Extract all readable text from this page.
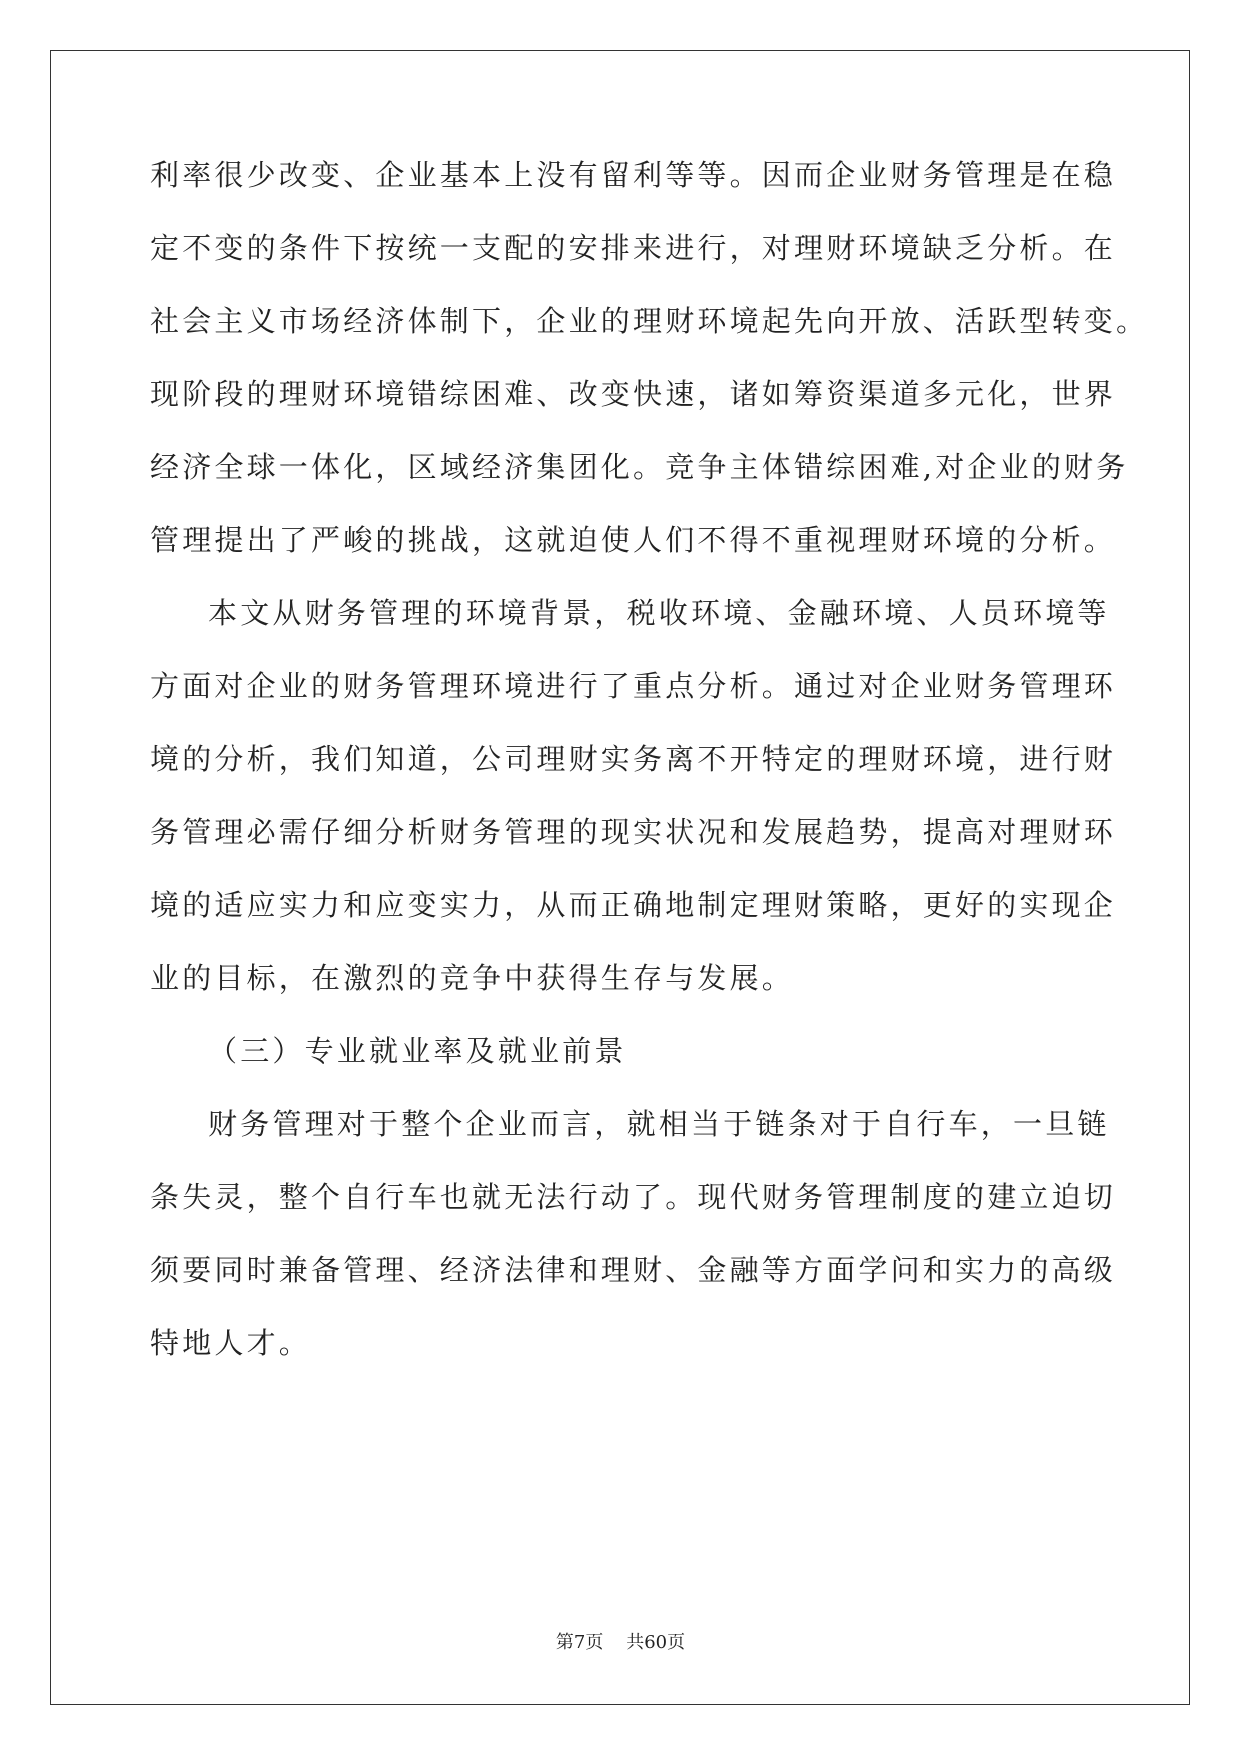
利率很少改变、企业基本上没有留利等等。因而企业财务管理是在稳
定不变的条件下按统一支配的安排来进行，对理财环境缺乏分析。在
社会主义市场经济体制下，企业的理财环境起先向开放、活跃型转变。
现阶段的理财环境错综困难、改变快速，诸如筹资渠道多元化，世界
经济全球一体化，区域经济集团化。竞争主体错综困难,对企业的财务
管理提出了严峻的挑战，这就迫使人们不得不重视理财环境的分析。
本文从财务管理的环境背景，税收环境、金融环境、人员环境等
方面对企业的财务管理环境进行了重点分析。通过对企业财务管理环
境的分析，我们知道，公司理财实务离不开特定的理财环境，进行财
务管理必需仔细分析财务管理的现实状况和发展趋势，提高对理财环
境的适应实力和应变实力，从而正确地制定理财策略，更好的实现企
业的目标，在激烈的竞争中获得生存与发展。
（三）专业就业率及就业前景
财务管理对于整个企业而言，就相当于链条对于自行车，一旦链
条失灵，整个自行车也就无法行动了。现代财务管理制度的建立迫切
须要同时兼备管理、经济法律和理财、金融等方面学问和实力的高级
特地人才。
第7页    共60页
